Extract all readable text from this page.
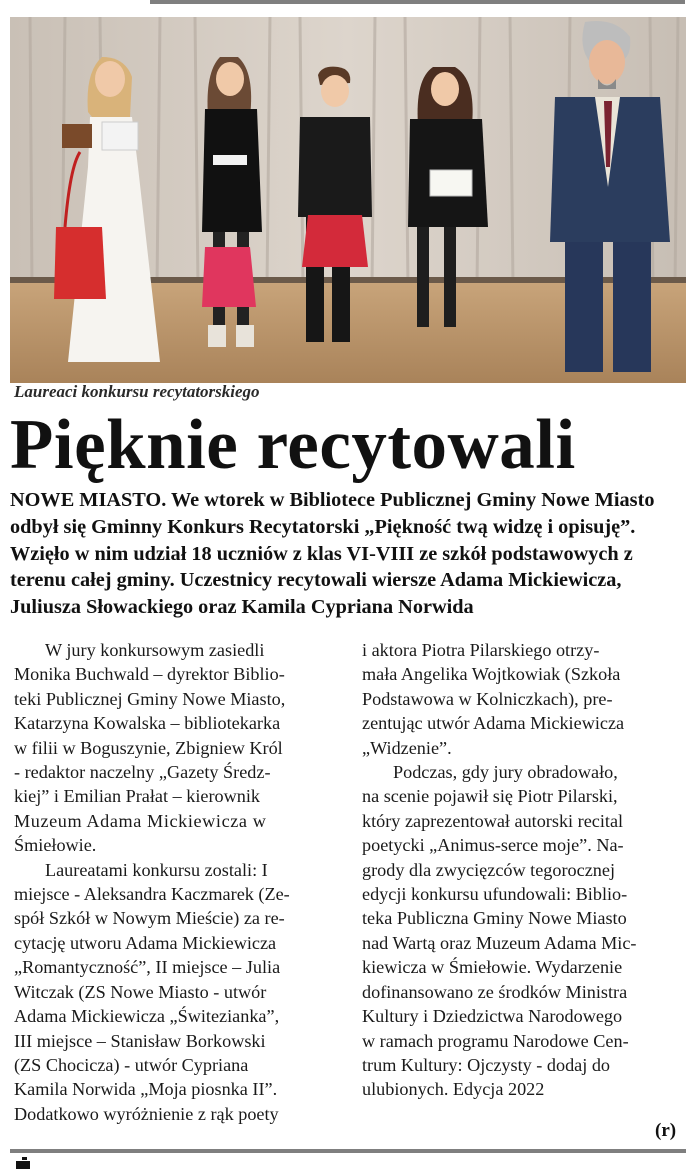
Laureaci konkursu recytatorskiego
Pięknie recytowali

NOWE MIASTO. We wtorek w Bibliotece Publicznej Gminy Nowe Miasto

odbył się Gminny Konkurs Recytatorski „Piękność twą widzę i opisuję”.

Wzięło w nim udział 18 uczniów z klas VI-VIII ze szkół podstawowych z

terenu całej gminy. Uczestnicy recytowali wiersze Adama Mickiewicza,

Juliusza Słowackiego oraz Kamila Cypriana Norwida

W jury konkursowym zasiedli

Monika Buchwald – dyrektor Biblio-

teki Publicznej Gminy Nowe Miasto,

Katarzyna Kowalska – bibliotekarka

w filii w Boguszynie, Zbigniew Król

- redaktor naczelny „Gazety Średz-

kiej” i Emilian Prałat – kierownik

Muzeum Adama Mickiewicza w

Śmiełowie.

Laureatami konkursu zostali: I

miejsce - Aleksandra Kaczmarek (Ze-

spół Szkół w Nowym Mieście) za re-

cytację utworu Adama Mickiewicza

„Romantyczność”, II miejsce – Julia

Witczak (ZS Nowe Miasto - utwór

Adama Mickiewicza „Świtezianka”,

III miejsce – Stanisław Borkowski

(ZS Chocicza) - utwór Cypriana

Kamila Norwida „Moja piosnka II”.

Dodatkowo wyróżnienie z rąk poety

i aktora Piotra Pilarskiego otrzy-

mała Angelika Wojtkowiak (Szkoła

Podstawowa w Kolniczkach), pre-

zentując utwór Adama Mickiewicza

„Widzenie”.

Podczas, gdy jury obradowało,

na scenie pojawił się Piotr Pilarski,

który zaprezentował autorski recital

poetycki „Animus-serce moje”. Na-

grody dla zwycięzców tegorocznej

edycji konkursu ufundowali: Biblio-

teka Publiczna Gminy Nowe Miasto

nad Wartą oraz Muzeum Adama Mic-

kiewicza w Śmiełowie. Wydarzenie

dofinansowano ze środków Ministra

Kultury i Dziedzictwa Narodowego

w ramach programu Narodowe Cen-

trum Kultury: Ojczysty - dodaj do

ulubionych. Edycja 2022

(r)
